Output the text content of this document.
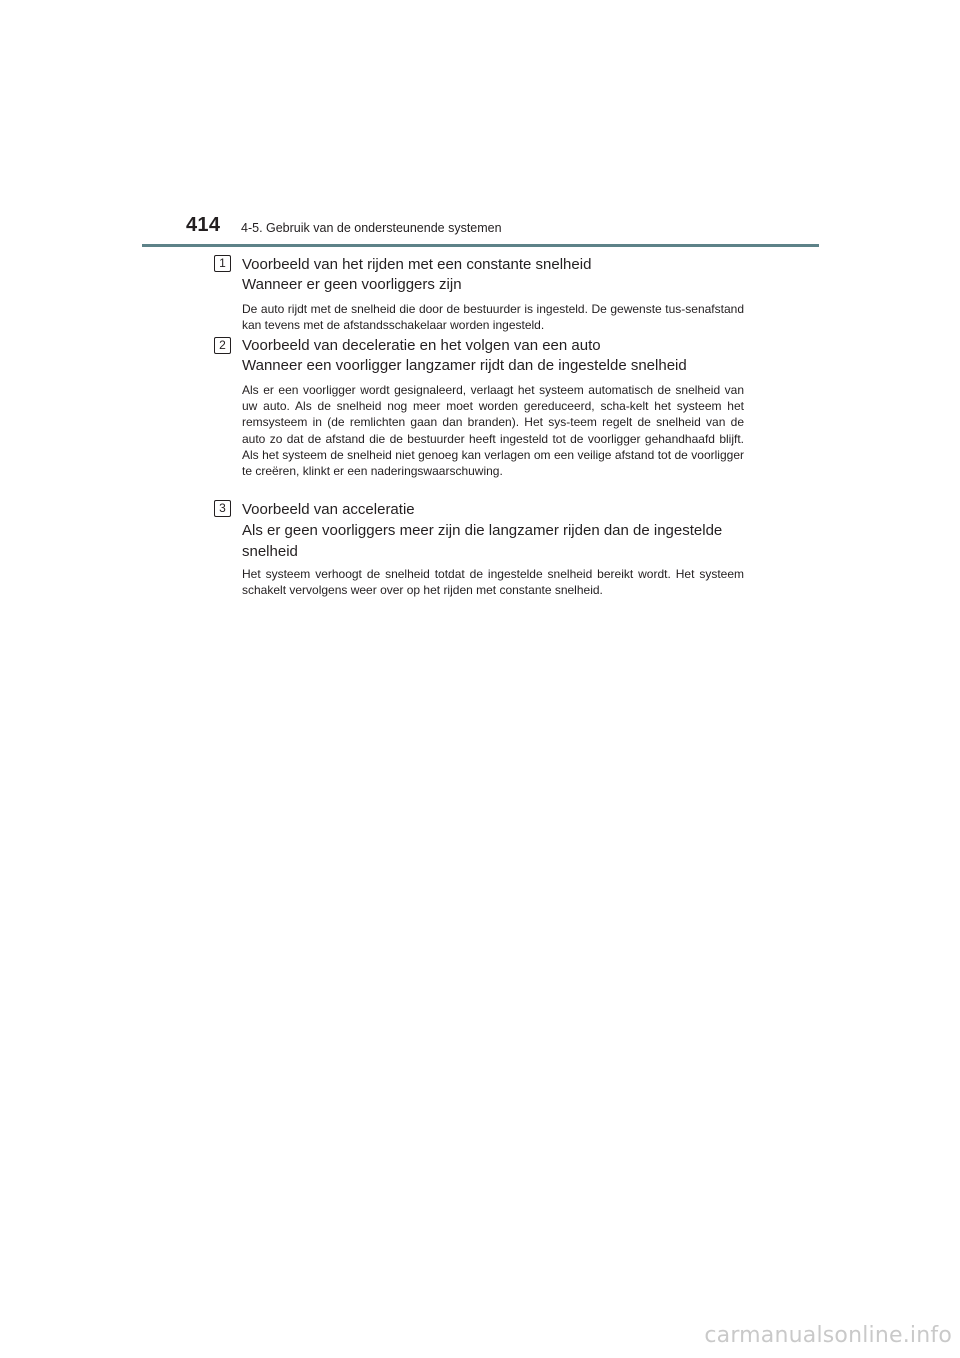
414 4-5. Gebruik van de ondersteunende systemen
1	Voorbeeld van het rijden met een constante snelheid
Wanneer er geen voorliggers zijn
De auto rijdt met de snelheid die door de bestuurder is ingesteld. De gewenste tus-senafstand kan tevens met de afstandsschakelaar worden ingesteld.
2	Voorbeeld van deceleratie en het volgen van een auto
Wanneer een voorligger langzamer rijdt dan de ingestelde snelheid
Als er een voorligger wordt gesignaleerd, verlaagt het systeem automatisch de snelheid van uw auto. Als de snelheid nog meer moet worden gereduceerd, scha-kelt het systeem het remsysteem in (de remlichten gaan dan branden). Het sys-teem regelt de snelheid van de auto zo dat de afstand die de bestuurder heeft ingesteld tot de voorligger gehandhaafd blijft. Als het systeem de snelheid niet genoeg kan verlagen om een veilige afstand tot de voorligger te creëren, klinkt er een naderingswaarschuwing.
3	Voorbeeld van acceleratie
Als er geen voorliggers meer zijn die langzamer rijden dan de ingestelde snelheid
Het systeem verhoogt de snelheid totdat de ingestelde snelheid bereikt wordt. Het systeem schakelt vervolgens weer over op het rijden met constante snelheid.
carmanualsonline.info
